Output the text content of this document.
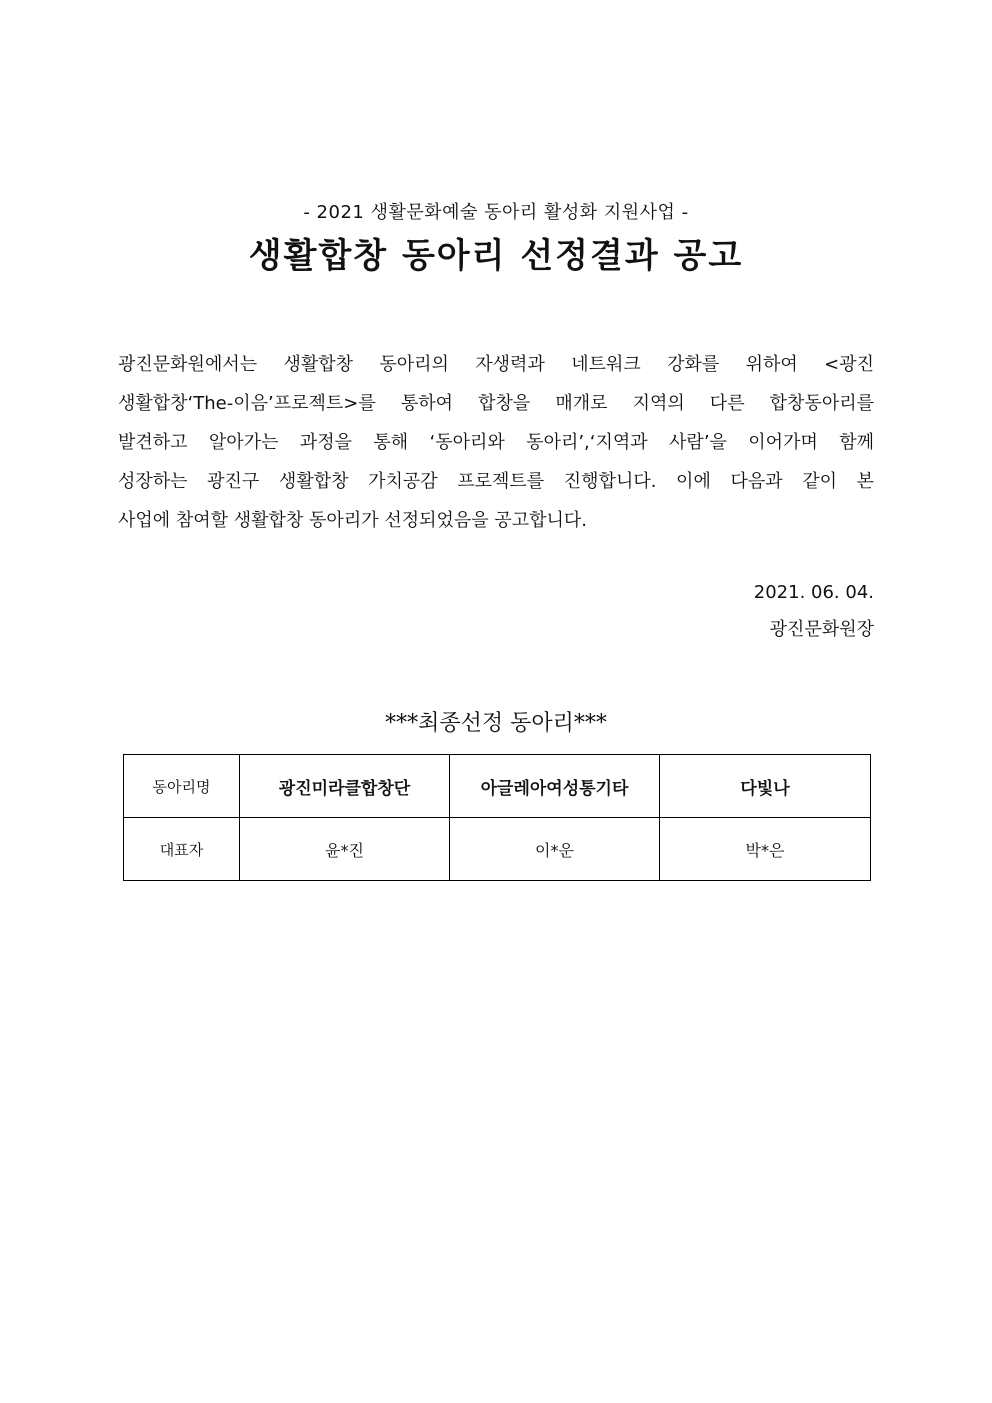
- 2021 생활문화예술 동아리 활성화 지원사업 -
생활합창 동아리 선정결과 공고
광진문화원에서는 생활합창 동아리의 자생력과 네트워크 강화를 위하여 <광진
생활합창‘The-이음’프로젝트>를 통하여 합창을 매개로 지역의 다른 합창동아리를
발견하고 알아가는 과정을 통해 ‘동아리와 동아리’,‘지역과 사람’을 이어가며 함께
성장하는 광진구 생활합창 가치공감 프로젝트를 진행합니다. 이에 다음과 같이 본
사업에 참여할 생활합창 동아리가 선정되었음을 공고합니다.
2021. 06. 04.
광진문화원장
***최종선정 동아리***
동아리명	광진미라클합창단	아글레아여성통기타	다빛나
대표자	윤*진	이*운	박*은
